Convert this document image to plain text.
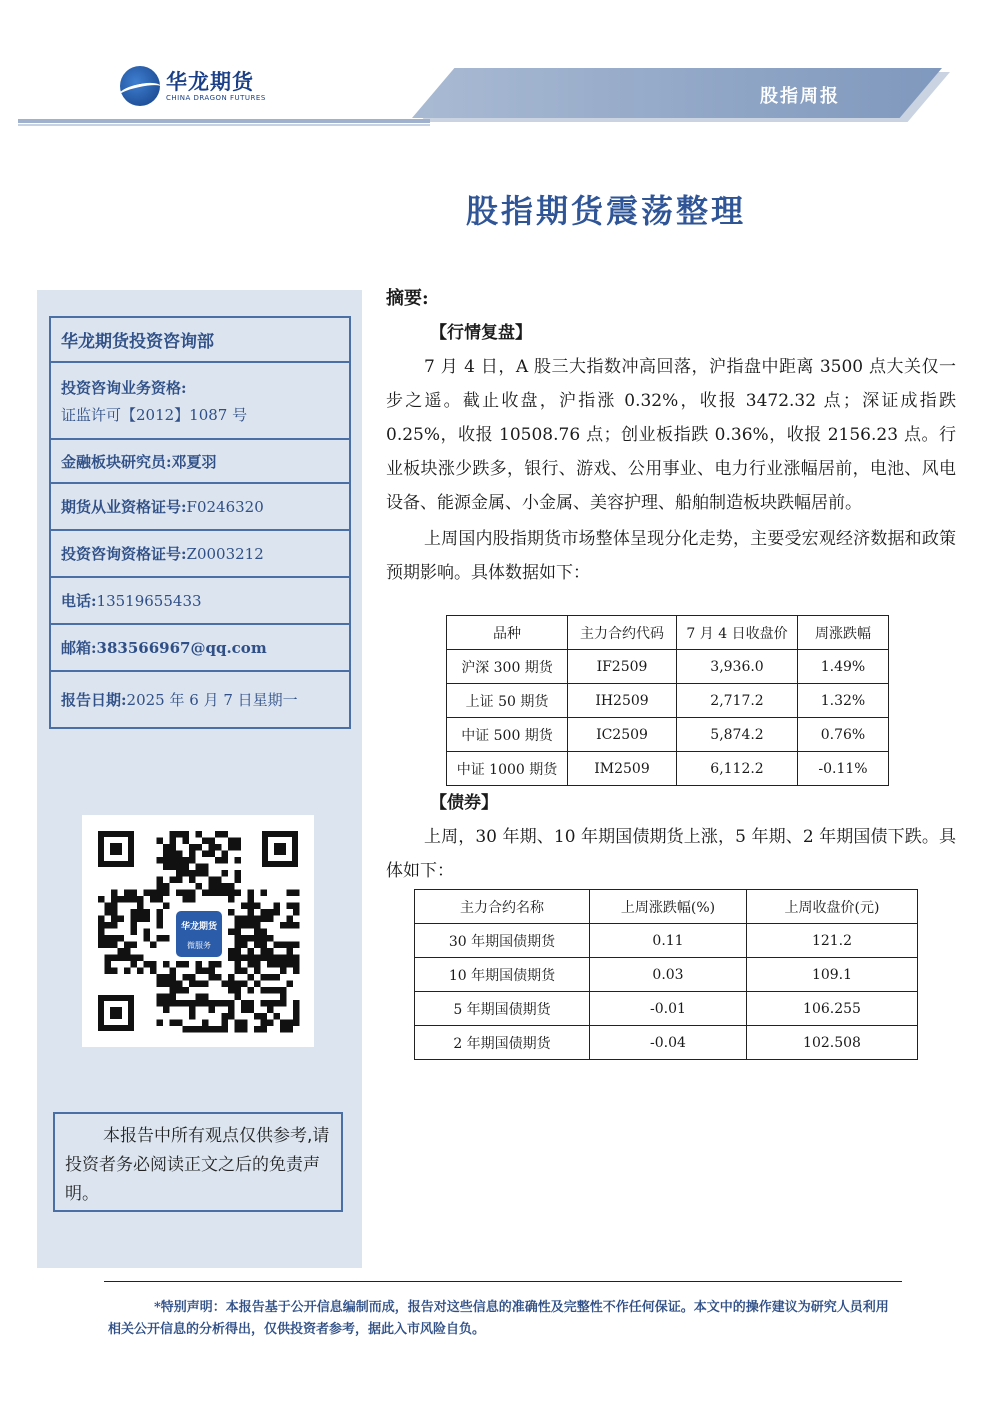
华龙期货
CHINA DRAGON FUTURES	股指周报
股指期货震荡整理
华龙期货投资咨询部
投资咨询业务资格:
证监许可【2012】1087 号
金融板块研究员: 邓夏羽
期货从业资格证号: F0246320
投资咨询资格证号: Z0003212
电话: 13519655433
邮箱: 383566967@qq.com
报告日期: 2025 年 6 月 7 日星期一
华龙期货
微服务
本报告中所有观点仅供参考,请投资者务必阅读正文之后的免责声明。
摘要:
【行情复盘】
7 月 4 日，A 股三大指数冲高回落，沪指盘中距离 3500 点大关仅一步之遥。截止收盘，沪指涨 0.32%，收报 3472.32 点；深证成指跌 0.25%，收报 10508.76 点；创业板指跌 0.36%，收报 2156.23 点。行业板块涨少跌多，银行、游戏、公用事业、电力行业涨幅居前，电池、风电设备、能源金属、小金属、美容护理、船舶制造板块跌幅居前。
上周国内股指期货市场整体呈现分化走势，主要受宏观经济数据和政策预期影响。具体数据如下：
品种	主力合约代码	7 月 4 日收盘价	周涨跌幅
沪深 300 期货	IF2509	3,936.0	1.49%
上证 50 期货	IH2509	2,717.2	1.32%
中证 500 期货	IC2509	5,874.2	0.76%
中证 1000 期货	IM2509	6,112.2	-0.11%
【债券】
上周，30 年期、10 年期国债期货上涨，5 年期、2 年期国债下跌。具体如下：
主力合约名称	上周涨跌幅(%)	上周收盘价(元)
30 年期国债期货	0.11	121.2
10 年期国债期货	0.03	109.1
5 年期国债期货	-0.01	106.255
2 年期国债期货	-0.04	102.508
*特别声明：本报告基于公开信息编制而成，报告对这些信息的准确性及完整性不作任何保证。本文中的操作建议为研究人员利用相关公开信息的分析得出，仅供投资者参考，据此入市风险自负。
